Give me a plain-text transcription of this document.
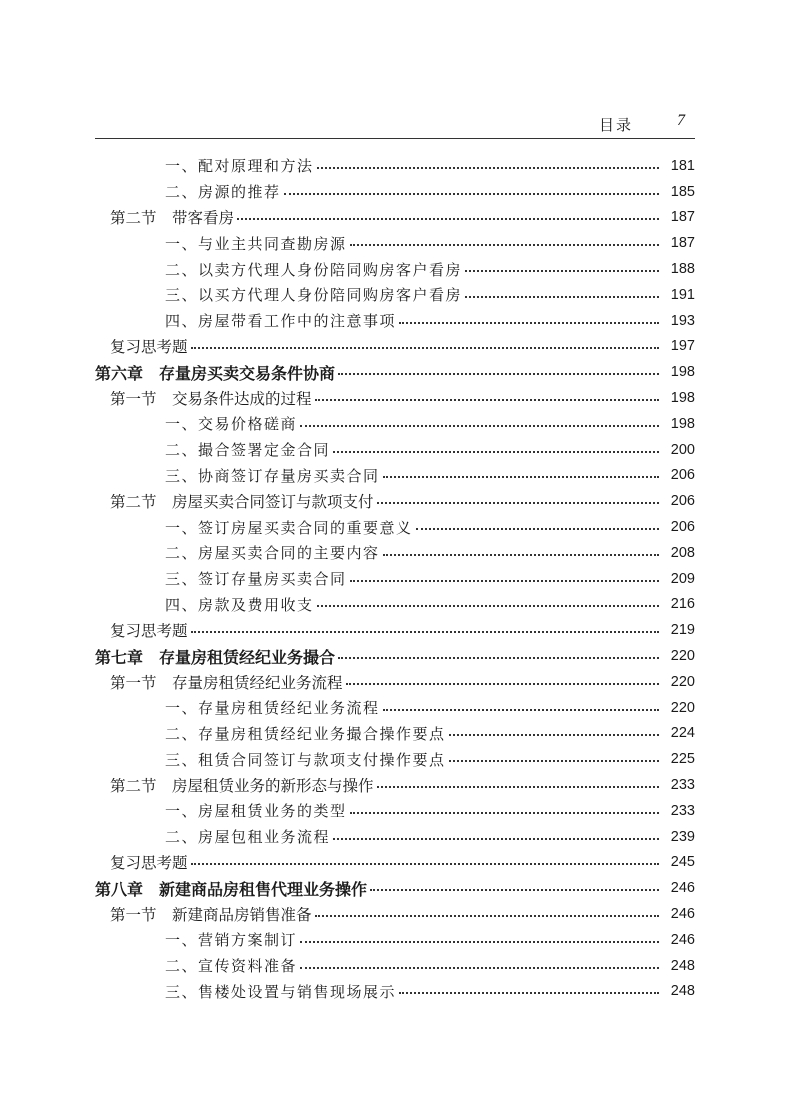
目录	7
一、配对原理和方法	181
二、房源的推荐	185
第二节　带客看房	187
一、与业主共同查勘房源	187
二、以卖方代理人身份陪同购房客户看房	188
三、以买方代理人身份陪同购房客户看房	191
四、房屋带看工作中的注意事项	193
复习思考题	197
第六章　存量房买卖交易条件协商	198
第一节　交易条件达成的过程	198
一、交易价格磋商	198
二、撮合签署定金合同	200
三、协商签订存量房买卖合同	206
第二节　房屋买卖合同签订与款项支付	206
一、签订房屋买卖合同的重要意义	206
二、房屋买卖合同的主要内容	208
三、签订存量房买卖合同	209
四、房款及费用收支	216
复习思考题	219
第七章　存量房租赁经纪业务撮合	220
第一节　存量房租赁经纪业务流程	220
一、存量房租赁经纪业务流程	220
二、存量房租赁经纪业务撮合操作要点	224
三、租赁合同签订与款项支付操作要点	225
第二节　房屋租赁业务的新形态与操作	233
一、房屋租赁业务的类型	233
二、房屋包租业务流程	239
复习思考题	245
第八章　新建商品房租售代理业务操作	246
第一节　新建商品房销售准备	246
一、营销方案制订	246
二、宣传资料准备	248
三、售楼处设置与销售现场展示	248
